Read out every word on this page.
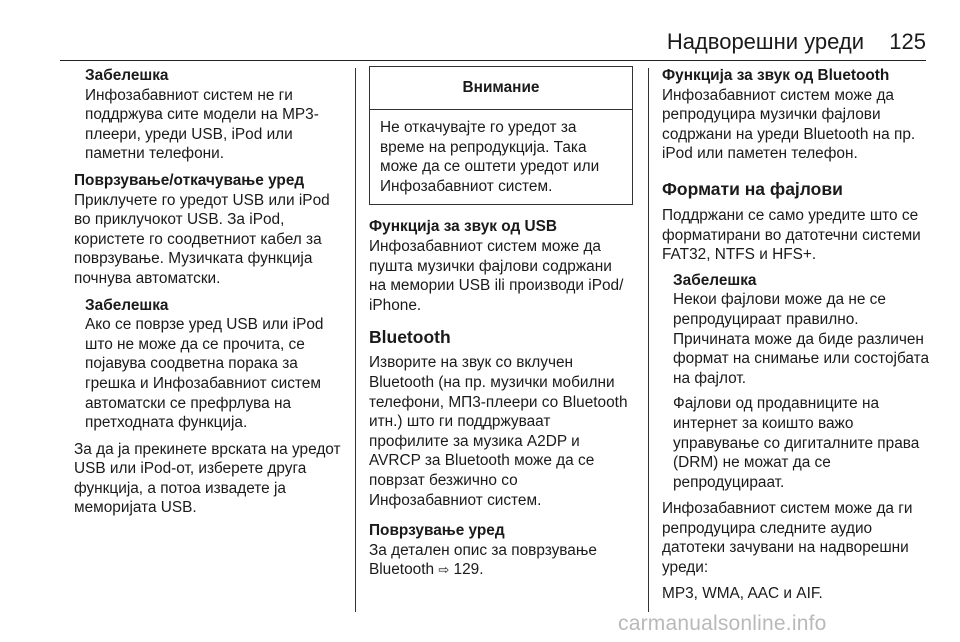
Надворешни уреди 125

Забелешка

Инфозабавниот систем не ги поддржува сите модели на MP3-плеери, уреди USB, iPod или паметни телефони.

Поврзување/откачување уред

Приклучете го уредот USB или iPod во приклучокот USB. За iPod, користете го соодветниот кабел за поврзување. Музичката функција почнува автоматски.

Забелешка

Ако се поврзе уред USB или iPod што не може да се прочита, се појавува соодветна порака за грешка и Инфозабавниот систем автоматски се префрлува на претходната функција.

За да ја прекинете врската на уредот USB или iPod-от, изберете друга функција, а потоа извадете ја меморијата USB.

Внимание
Не откачувајте го уредот за време на репродукција. Така може да се оштети уредот или Инфозабавниот систем.

Функција за звук од USB

Инфозабавниот систем може да пушта музички фајлови содржани на мемории USB ili производи iPod/ iPhone.

Bluetooth

Изворите на звук со вклучен Bluetooth (на пр. музички мобилни телефони, MП3-плеери со Bluetooth итн.) што ги поддржуваат профилите за музика A2DP и AVRCP за Bluetooth може да се поврзат безжично со Инфозабавниот систем.

Поврзување уред

За детален опис за поврзување Bluetooth ⇨ 129.

Функција за звук од Bluetooth

Инфозабавниот систем може да репродуцира музички фајлови содржани на уреди Bluetooth на пр. iPod или паметен телефон.

Формати на фајлови

Поддржани се само уредите што се форматирани во датотечни системи FAT32, NTFS и HFS+.

Забелешка

Некои фајлови може да не се репродуцираат правилно. Причината може да биде различен формат на снимање или состојбата на фајлот.

Фајлови од продавниците на интернет за коишто важо управување со дигиталните права (DRM) не можат да се репродуцираат.

Инфозабавниот систем може да ги репродуцира следните аудио датотеки зачувани на надворешни уреди:

MP3, WMA, AAC и AIF.

carmanualsonline.info
